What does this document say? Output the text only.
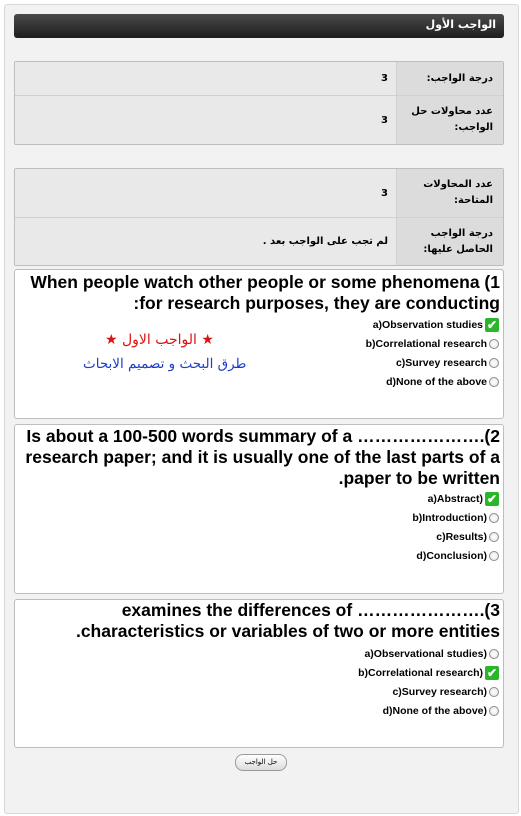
الواجب الأول
3	درجة الواجب:
3
عدد محاولات حل الواجب:
3
عدد المحاولات المتاحة:
لم تجب على الواجب بعد .
درجة الواجب الحاصل عليها:
When people watch other people or some phenomena (1
:for research purposes, they are conducting
★ الواجب الاول ★
طرق البحث و تصميم الابحاث
a)Observation studies ✔
b)Correlational research
c)Survey research
d)None of the above
Is about a 100-500 words summary of a ………………….(2
research paper; and it is usually one of the last parts of a
.paper to be written
a)Abstract) ✔
b)Introduction)
c)Results)
d)Conclusion)
examines the differences of ………………….(3
.characteristics or variables of two or more entities
a)Observational studies)
b)Correlational research) ✔
c)Survey research)
d)None of the above)
حل الواجب
